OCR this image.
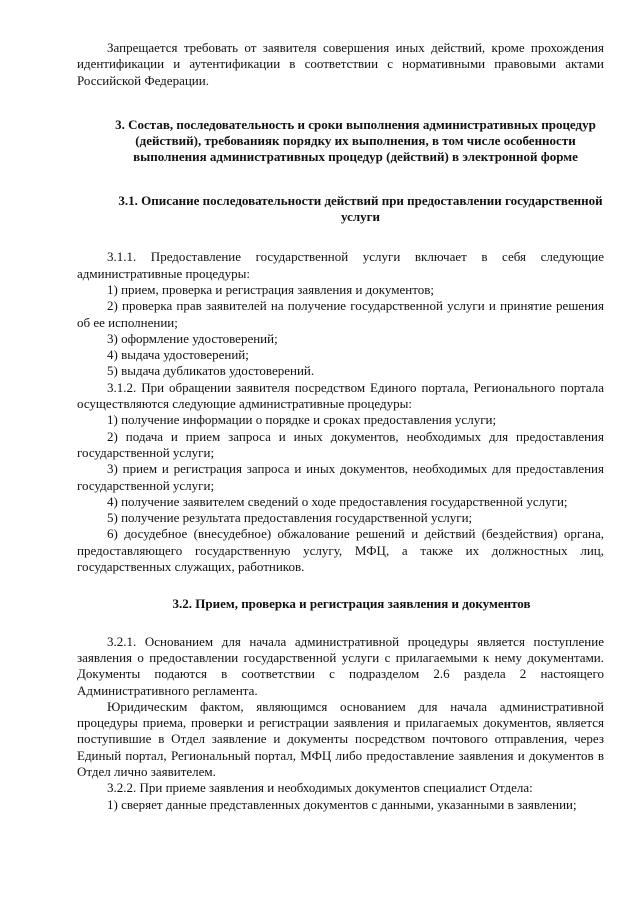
Запрещается требовать от заявителя совершения иных действий, кроме прохождения идентификации и аутентификации в соответствии с нормативными правовыми актами Российской Федерации.

3. Состав, последовательность и сроки выполнения административных процедур (действий), требованияк порядку их выполнения, в том числе особенности выполнения административных процедур (действий) в электронной форме
3.1. Описание последовательности действий при предоставлении государственной услуги

3.1.1. Предоставление государственной услуги включает в себя следующие административные процедуры:

1) прием, проверка и регистрация заявления и документов;

2) проверка прав заявителей на получение государственной услуги и принятие решения об ее исполнении;

3) оформление удостоверений;

4) выдача удостоверений;

5) выдача дубликатов удостоверений.

3.1.2. При обращении заявителя посредством Единого портала, Регионального портала осуществляются следующие административные процедуры:

1) получение информации о порядке и сроках предоставления услуги;

2) подача и прием запроса и иных документов, необходимых для предоставления государственной услуги;

3) прием и регистрация запроса и иных документов, необходимых для предоставления государственной услуги;

4) получение заявителем сведений о ходе предоставления государственной услуги;

5) получение результата предоставления государственной услуги;

6) досудебное (внесудебное) обжалование решений и действий (бездействия) органа, предоставляющего государственную услугу, МФЦ, а также их должностных лиц, государственных служащих, работников.

3.2. Прием, проверка и регистрация заявления и документов

3.2.1. Основанием для начала административной процедуры является поступление заявления о предоставлении государственной услуги с прилагаемыми к нему документами. Документы подаются в соответствии с подразделом 2.6 раздела 2 настоящего Административного регламента.

Юридическим фактом, являющимся основанием для начала административной процедуры приема, проверки и регистрации заявления и прилагаемых документов, является поступившие в Отдел заявление и документы посредством почтового отправления, через Единый портал, Региональный портал, МФЦ либо предоставление заявления и документов в Отдел лично заявителем.

3.2.2. При приеме заявления и необходимых документов специалист Отдела:

1) сверяет данные представленных документов с данными, указанными в заявлении;
